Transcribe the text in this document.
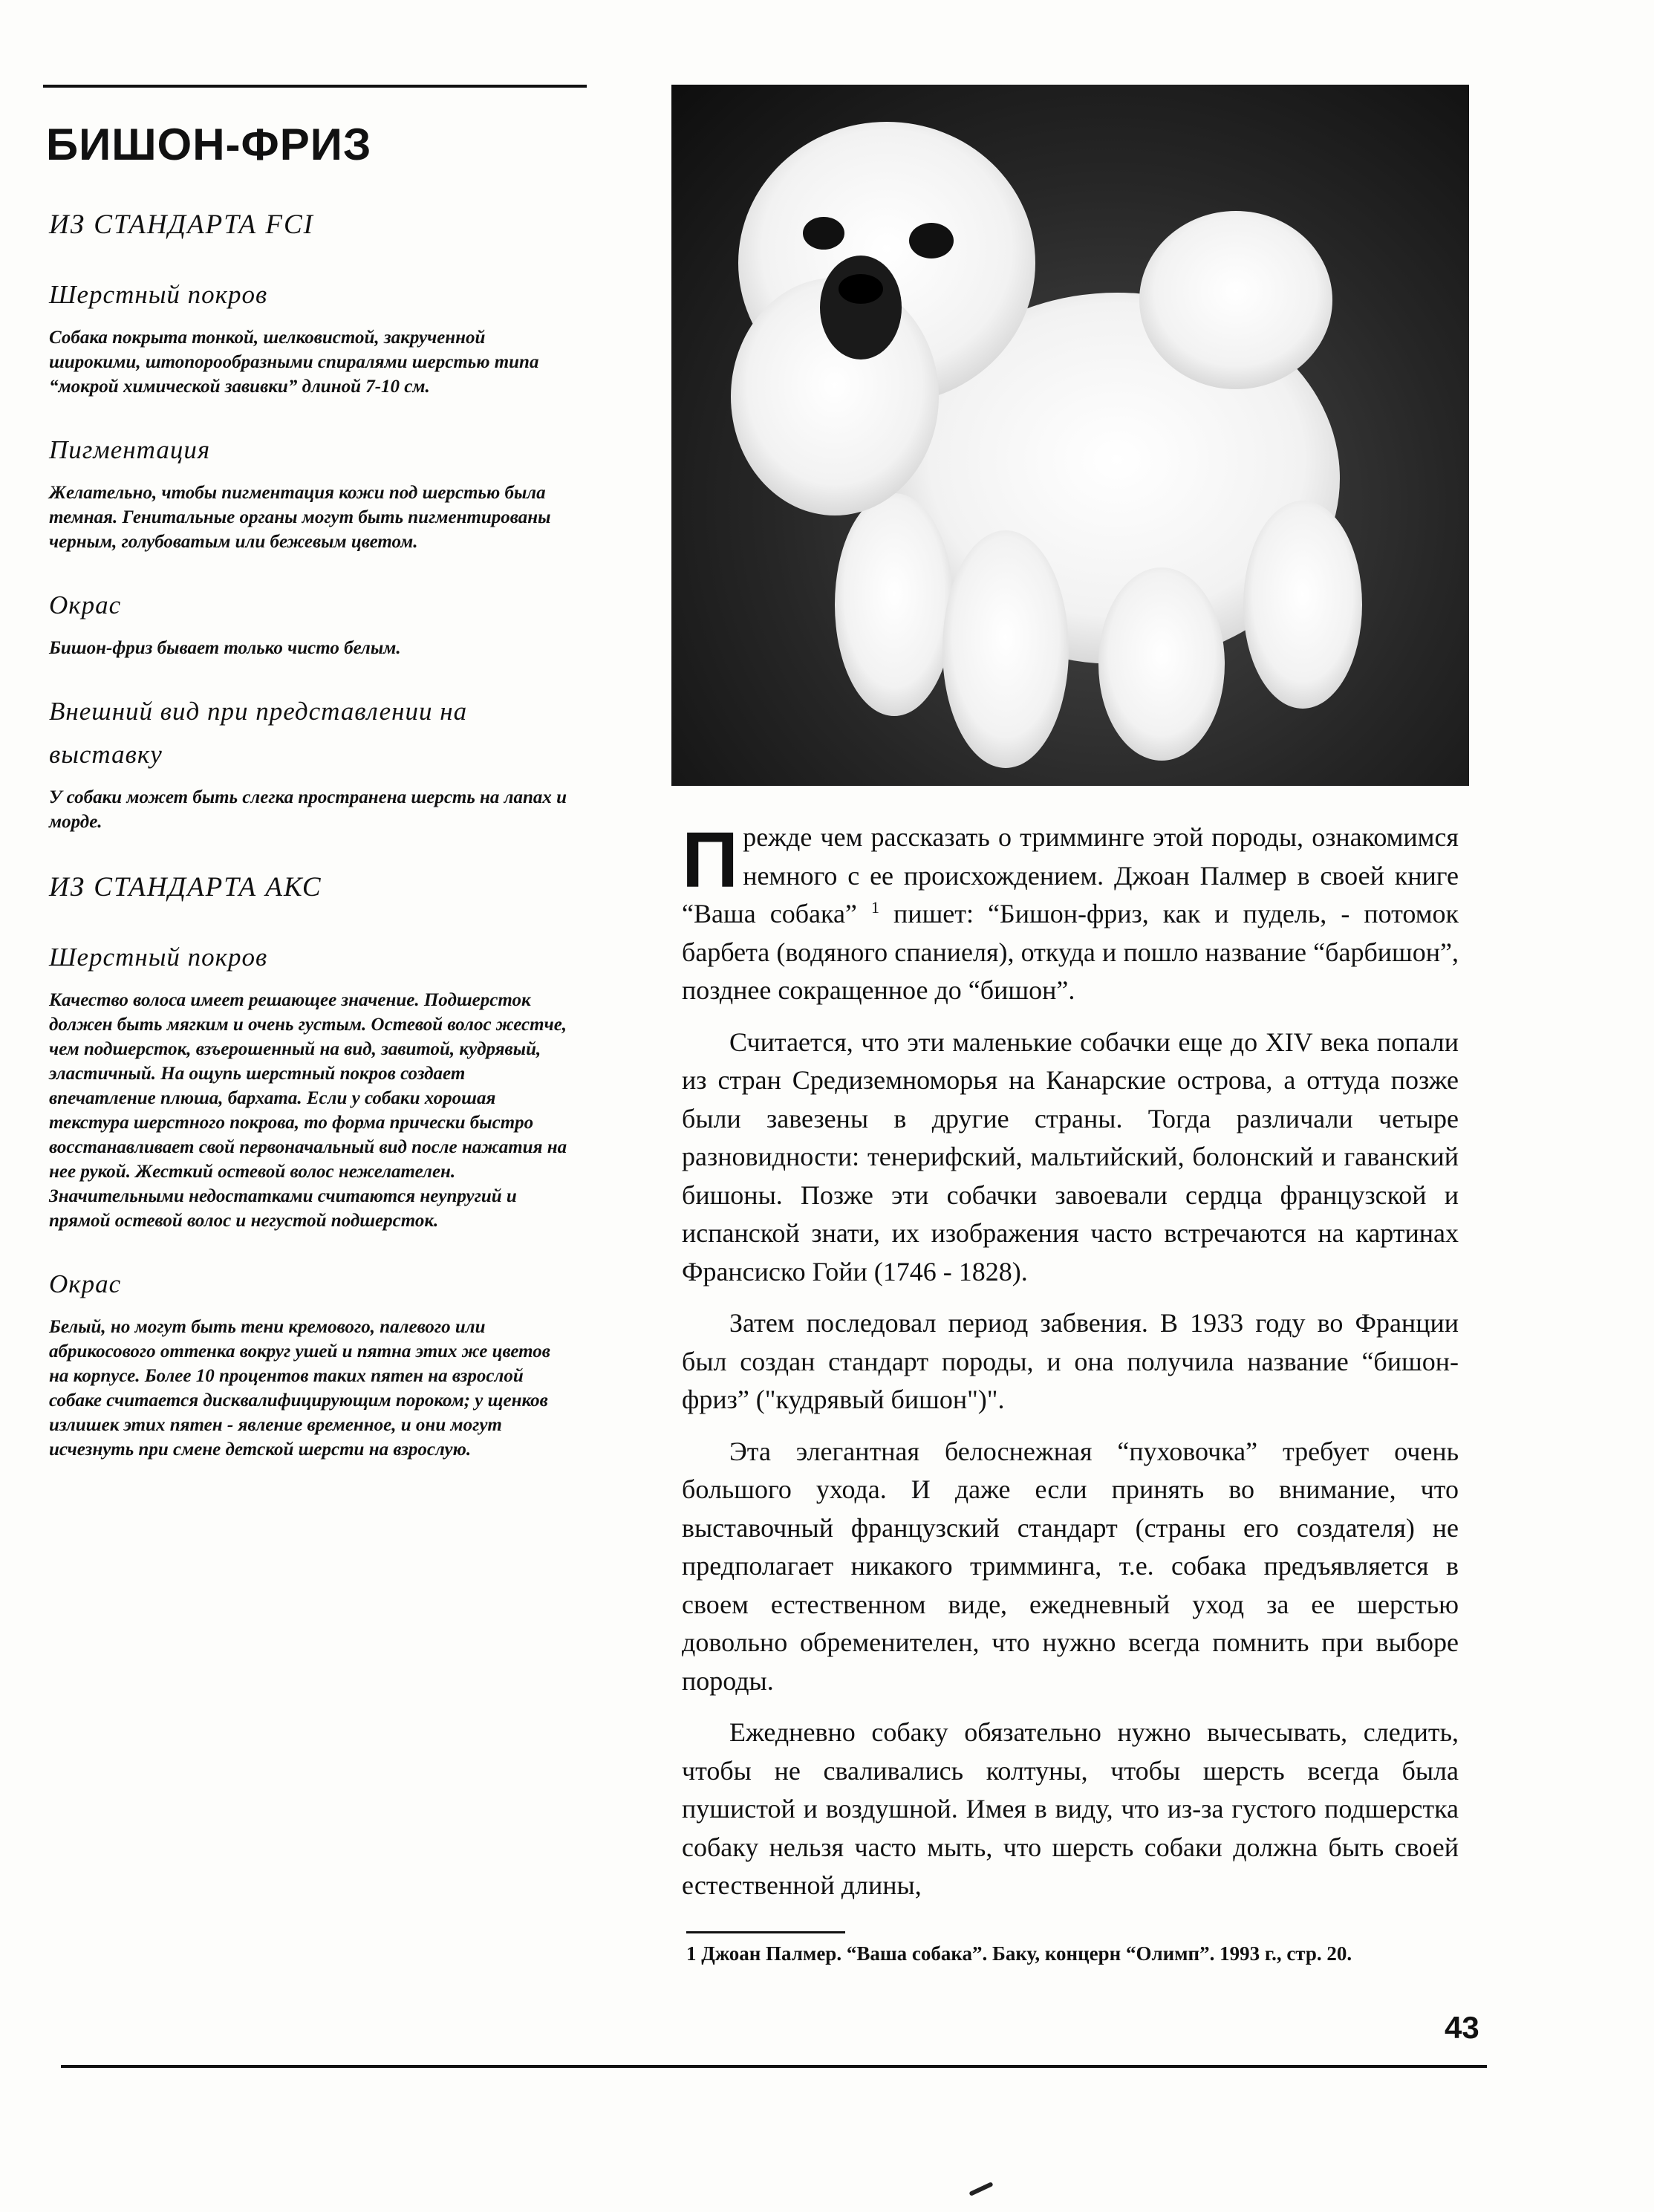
БИШОН-ФРИЗ
ИЗ СТАНДАРТА FCI
Шерстный покров
Собака покрыта тонкой, шелковистой, закрученной широкими, штопорообразными спиралями шерстью типа “мокрой химической завивки” длиной 7-10 см.
Пигментация
Желательно, чтобы пигментация кожи под шерстью была темная. Генитальные органы могут быть пигментированы черным, голубоватым или бежевым цветом.
Окрас
Бишон-фриз бывает только чисто белым.
Внешний вид при представлении на выставку
У собаки может быть слегка пространена шерсть на лапах и морде.
ИЗ СТАНДАРТА АКС
Шерстный покров
Качество волоса имеет решающее значение. Подшерсток должен быть мягким и очень густым. Остевой волос жестче, чем подшерсток, взъерошенный на вид, завитой, кудрявый, эластичный. На ощупь шерстный покров создает впечатление плюша, бархата. Если у собаки хорошая текстура шерстного покрова, то форма прически быстро восстанавливает свой первоначальный вид после нажатия на нее рукой. Жесткий остевой волос нежелателен. Значительными недостатками считаются неупругий и прямой остевой волос и негустой подшерсток.
Окрас
Белый, но могут быть тени кремового, палевого или абрикосового оттенка вокруг ушей и пятна этих же цветов на корпусе. Более 10 процентов таких пятен на взрослой собаке считается дисквалифицирующим пороком; у щенков излишек этих пятен - явление временное, и они могут исчезнуть при смене детской шерсти на взрослую.

Прежде чем рассказать о тримминге этой породы, ознакомимся немного с ее происхождением. Джоан Палмер в своей книге “Ваша собака” $^1$ пишет: “Бишон-фриз, как и пудель, - потомок барбета (водяного спаниеля), откуда и пошло название “барбишон”, позднее сокращенное до “бишон”.

Считается, что эти маленькие собачки еще до XIV века попали из стран Средиземноморья на Канарские острова, а оттуда позже были завезены в другие страны. Тогда различали четыре разновидности: тенерифский, мальтийский, болонский и гаванский бишоны. Позже эти собачки завоевали сердца французской и испанской знати, их изображения часто встречаются на картинах Франсиско Гойи (1746 - 1828).

Затем последовал период забвения. В 1933 году во Франции был создан стандарт породы, и она получила название “бишон-фриз” ("кудрявый бишон")".

Эта элегантная белоснежная “пуховочка” требует очень большого ухода. И даже если принять во внимание, что выставочный французский стандарт (страны его создателя) не предполагает никакого тримминга, т.е. собака предъявляется в своем естественном виде, ежедневный уход за ее шерстью довольно обременителен, что нужно всегда помнить при выборе породы.

Ежедневно собаку обязательно нужно вычесывать, следить, чтобы не сваливались колтуны, чтобы шерсть всегда была пушистой и воздушной. Имея в виду, что из-за густого подшерстка собаку нельзя часто мыть, что шерсть собаки должна быть своей естественной длины,

1 Джоан Палмер. “Ваша собака”. Баку, концерн “Олимп”. 1993 г., стр. 20.
43
